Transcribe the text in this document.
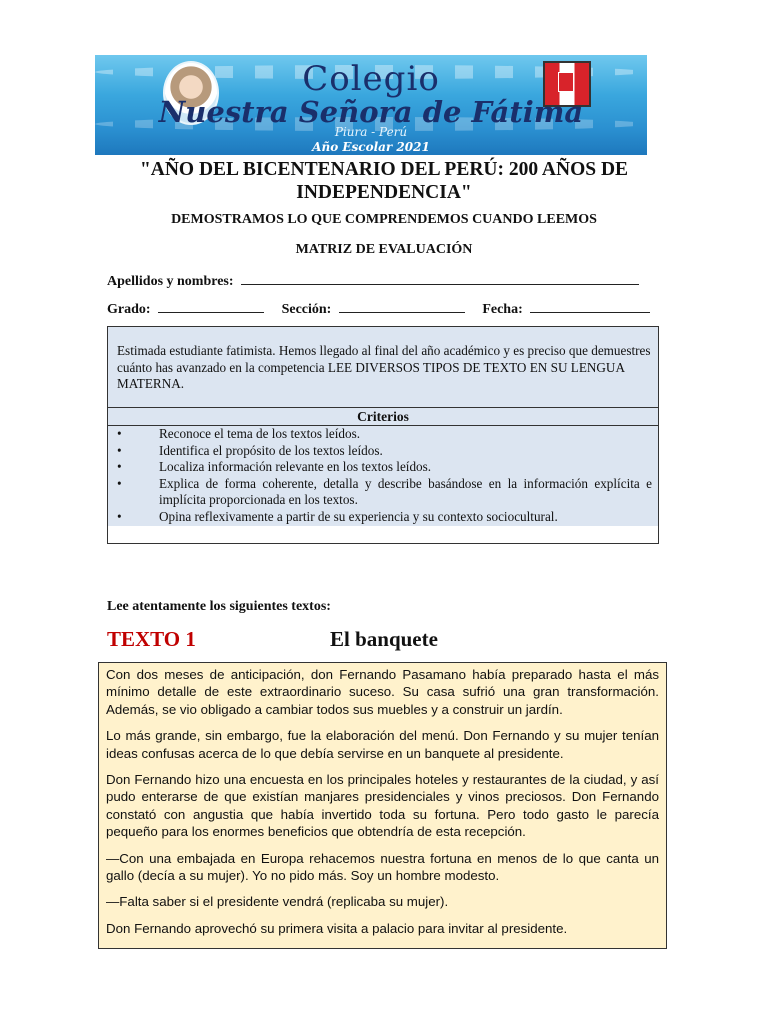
Colegio
Nuestra Señora de Fátima
Piura - Perú
Año Escolar 2021
"AÑO DEL BICENTENARIO DEL PERÚ: 200 AÑOS DE INDEPENDENCIA"
DEMOSTRAMOS LO QUE COMPRENDEMOS CUANDO LEEMOS
MATRIZ DE EVALUACIÓN
Apellidos y nombres:
Grado:	Sección:	Fecha:
Estimada estudiante fatimista. Hemos llegado al final del año académico y es preciso que demuestres cuánto has avanzado en la competencia LEE DIVERSOS TIPOS DE TEXTO EN SU LENGUA MATERNA.
Criterios
•	Reconoce el tema de los textos leídos.
•	Identifica el propósito de los textos leídos.
•	Localiza información relevante en los textos leídos.
•	Explica de forma coherente, detalla y describe basándose en la información explícita e implícita proporcionada en los textos.
•	Opina reflexivamente a partir de su experiencia y su contexto sociocultural.
Lee atentamente los siguientes textos:
TEXTO 1	El banquete

Con dos meses de anticipación, don Fernando Pasamano había preparado hasta el más mínimo detalle de este extraordinario suceso. Su casa sufrió una gran transformación. Además, se vio obligado a cambiar todos sus muebles y a construir un jardín.

Lo más grande, sin embargo, fue la elaboración del menú. Don Fernando y su mujer tenían ideas confusas acerca de lo que debía servirse en un banquete al presidente.

Don Fernando hizo una encuesta en los principales hoteles y restaurantes de la ciudad, y así pudo enterarse de que existían manjares presidenciales y vinos preciosos. Don Fernando constató con angustia que había invertido toda su fortuna. Pero todo gasto le parecía pequeño para los enormes beneficios que obtendría de esta recepción.

—Con una embajada en Europa rehacemos nuestra fortuna en menos de lo que canta un gallo (decía a su mujer). Yo no pido más. Soy un hombre modesto.

—Falta saber si el presidente vendrá (replicaba su mujer).

Don Fernando aprovechó su primera visita a palacio para invitar al presidente.
